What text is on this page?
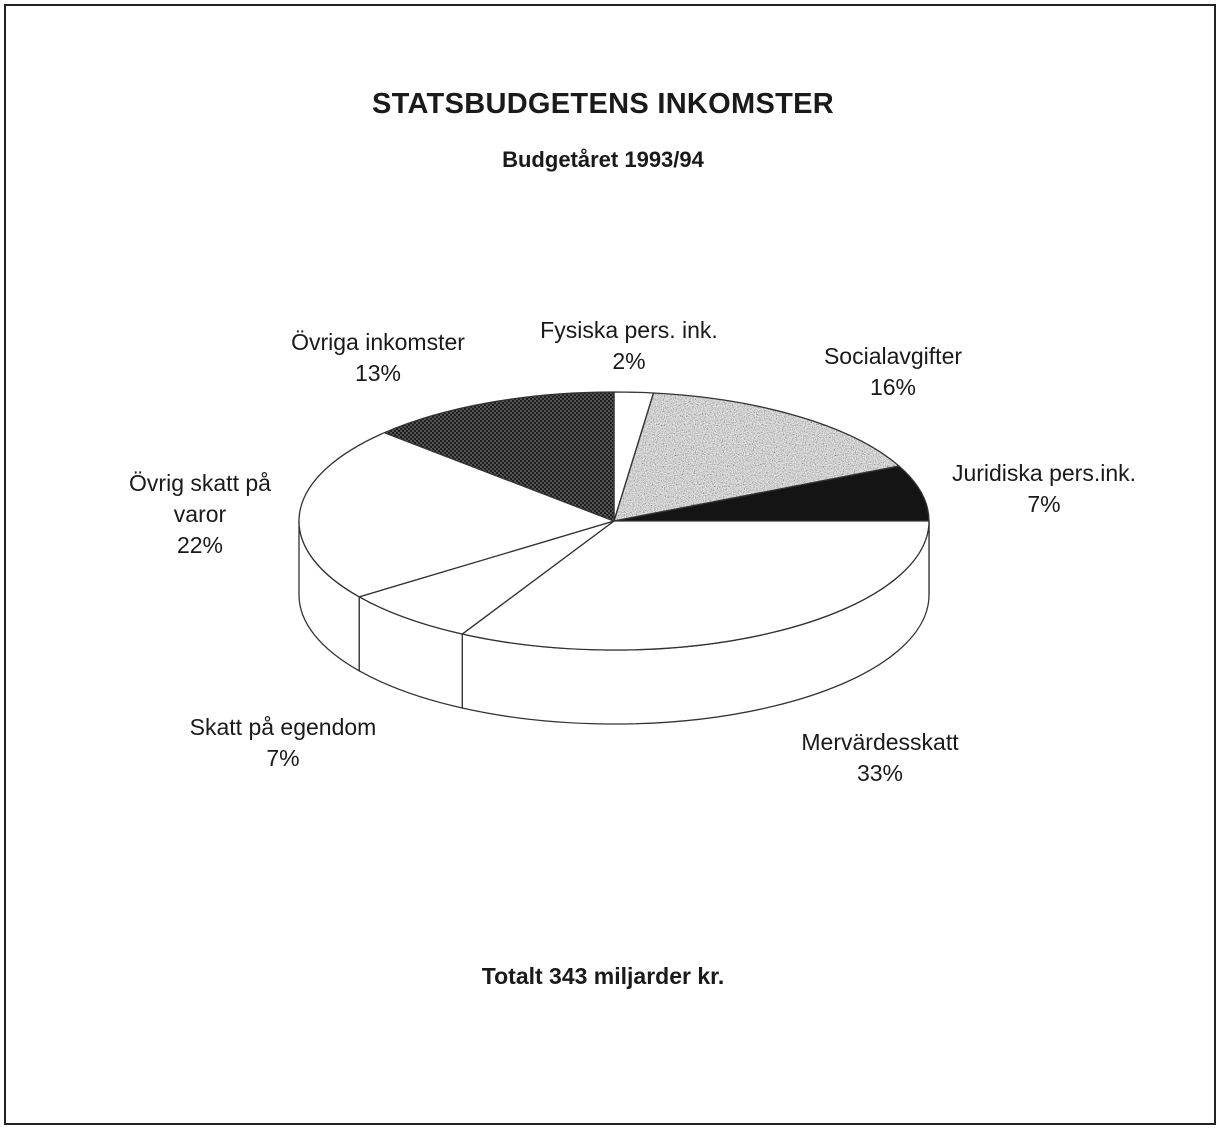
STATSBUDGETENS INKOMSTER
Budgetåret 1993/94
Fysiska pers. ink.
2%	Socialavgifter
16%
Juridiska pers.ink.
7%
Mervärdesskatt
33%
Skatt på egendom
7%
Övrig skatt på
varor
22%
Övriga inkomster
13%
Totalt 343 miljarder kr.
